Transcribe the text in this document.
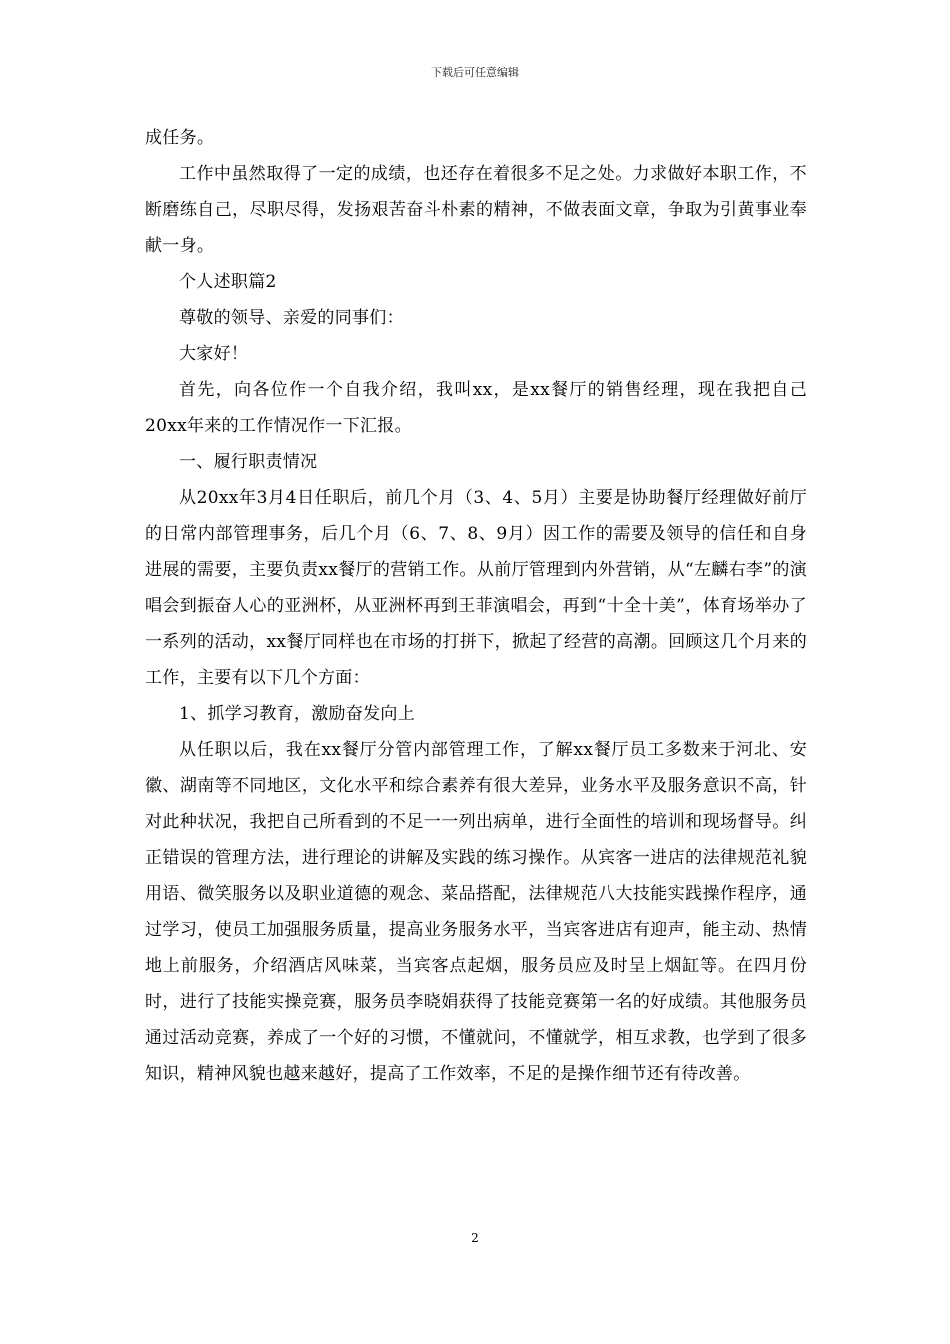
下载后可任意编辑

成任务。

工作中虽然取得了一定的成绩，也还存在着很多不足之处。力求做好本职工作，不断磨练自己，尽职尽得，发扬艰苦奋斗朴素的精神，不做表面文章，争取为引黄事业奉献一身。

个人述职篇2

尊敬的领导、亲爱的同事们：

大家好！

首先，向各位作一个自我介绍，我叫xx，是xx餐厅的销售经理，现在我把自己20xx年来的工作情况作一下汇报。

一、履行职责情况

从20xx年3月4日任职后，前几个月（3、4、5月）主要是协助餐厅经理做好前厅的日常内部管理事务，后几个月（6、7、8、9月）因工作的需要及领导的信任和自身进展的需要，主要负责xx餐厅的营销工作。从前厅管理到内外营销，从“左麟右李”的演唱会到振奋人心的亚洲杯，从亚洲杯再到王菲演唱会，再到“十全十美”，体育场举办了一系列的活动，xx餐厅同样也在市场的打拼下，掀起了经营的高潮。回顾这几个月来的工作，主要有以下几个方面：

1、抓学习教育，激励奋发向上

从任职以后，我在xx餐厅分管内部管理工作，了解xx餐厅员工多数来于河北、安徽、湖南等不同地区，文化水平和综合素养有很大差异，业务水平及服务意识不高，针对此种状况，我把自己所看到的不足一一列出病单，进行全面性的培训和现场督导。纠正错误的管理方法，进行理论的讲解及实践的练习操作。从宾客一进店的法律规范礼貌用语、微笑服务以及职业道德的观念、菜品搭配，法律规范八大技能实践操作程序，通过学习，使员工加强服务质量，提高业务服务水平，当宾客进店有迎声，能主动、热情地上前服务，介绍酒店风味菜，当宾客点起烟，服务员应及时呈上烟缸等。在四月份时，进行了技能实操竞赛，服务员李晓娟获得了技能竞赛第一名的好成绩。其他服务员通过活动竞赛，养成了一个好的习惯，不懂就问，不懂就学，相互求教，也学到了很多知识，精神风貌也越来越好，提高了工作效率，不足的是操作细节还有待改善。

2
